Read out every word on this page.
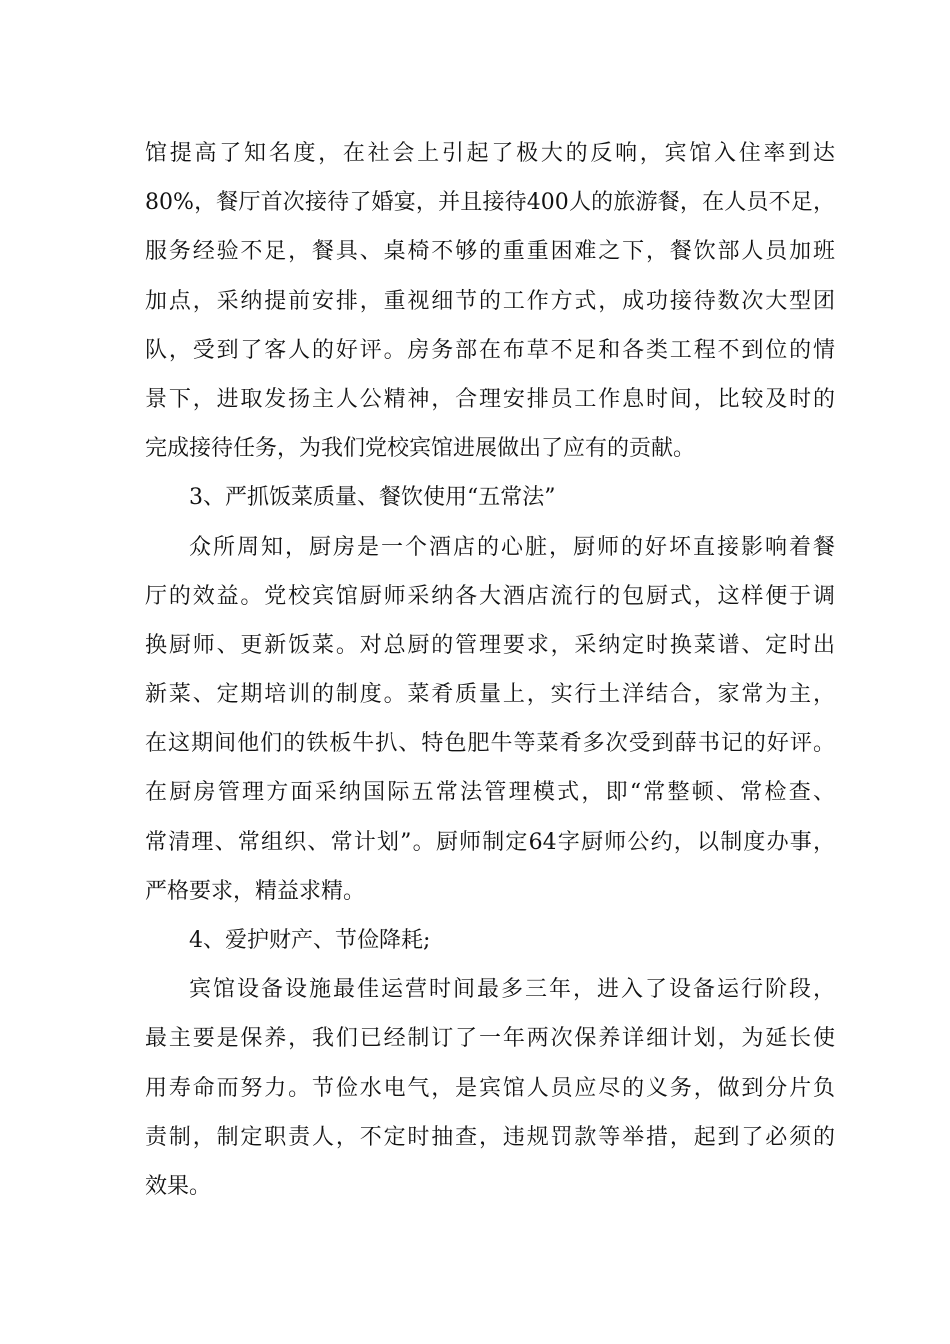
馆提高了知名度，在社会上引起了极大的反响，宾馆入住率到达
80%，餐厅首次接待了婚宴，并且接待400人的旅游餐，在人员不足，
服务经验不足，餐具、桌椅不够的重重困难之下，餐饮部人员加班
加点，采纳提前安排，重视细节的工作方式，成功接待数次大型团
队，受到了客人的好评。房务部在布草不足和各类工程不到位的情
景下，进取发扬主人公精神，合理安排员工作息时间，比较及时的
完成接待任务，为我们党校宾馆进展做出了应有的贡献。
3、严抓饭菜质量、餐饮使用“五常法”
众所周知，厨房是一个酒店的心脏，厨师的好坏直接影响着餐
厅的效益。党校宾馆厨师采纳各大酒店流行的包厨式，这样便于调
换厨师、更新饭菜。对总厨的管理要求，采纳定时换菜谱、定时出
新菜、定期培训的制度。菜肴质量上，实行土洋结合，家常为主，
在这期间他们的铁板牛扒、特色肥牛等菜肴多次受到薛书记的好评。
在厨房管理方面采纳国际五常法管理模式，即“常整顿、常检查、
常清理、常组织、常计划”。厨师制定64字厨师公约，以制度办事，
严格要求，精益求精。
4、爱护财产、节俭降耗;
宾馆设备设施最佳运营时间最多三年，进入了设备运行阶段，
最主要是保养，我们已经制订了一年两次保养详细计划，为延长使
用寿命而努力。节俭水电气，是宾馆人员应尽的义务，做到分片负
责制，制定职责人，不定时抽查，违规罚款等举措，起到了必须的
效果。
